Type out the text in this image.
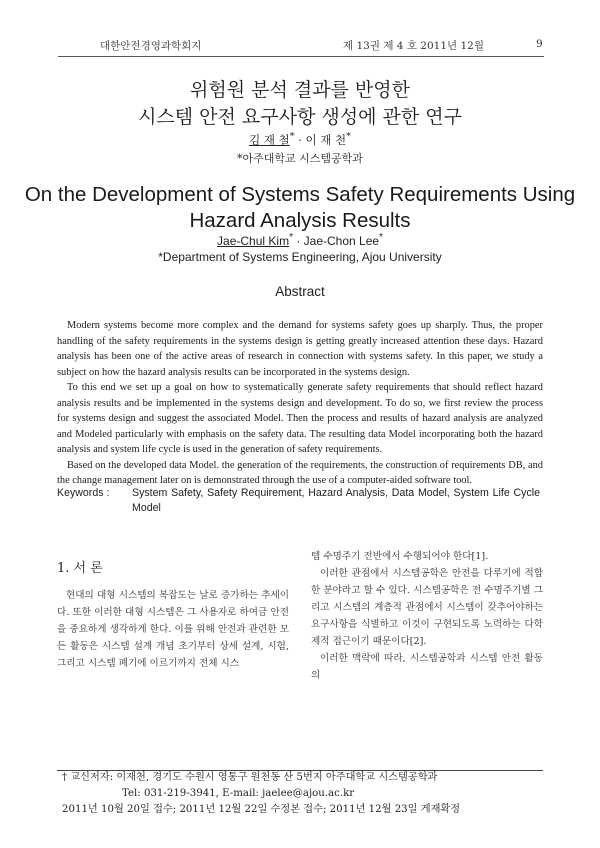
대한안전경영과학회지	제 13권 제 4 호 2011년 12월	9
위험원 분석 결과를 반영한
시스템 안전 요구사항 생성에 관한 연구
김 재 철* · 이 재 천*
*아주대학교 시스템공학과
On the Development of Systems Safety Requirements Using
Hazard Analysis Results
Jae-Chul Kim* · Jae-Chon Lee*
*Department of Systems Engineering, Ajou University
Abstract

Modern systems become more complex and the demand for systems safety goes up sharply. Thus, the proper handling of the safety requirements in the systems design is getting greatly increased attention these days. Hazard analysis has been one of the active areas of research in connection with systems safety. In this paper, we study a subject on how the hazard analysis results can be incorporated in the systems design.

To this end we set up a goal on how to systematically generate safety requirements that should reflect hazard analysis results and be implemented in the systems design and development. To do so, we first review the process for systems design and suggest the associated Model. Then the process and results of hazard analysis are analyzed and Modeled particularly with emphasis on the safety data. The resulting data Model incorporating both the hazard analysis and system life cycle is used in the generation of safety requirements.

Based on the developed data Model. the generation of the requirements, the construction of requirements DB, and the change management later on is demonstrated through the use of a computer-aided software tool.

Keywords : System Safety, Safety Requirement, Hazard Analysis, Data Model, System Life Cycle Model
1. 서 론

현대의 대형 시스템의 복잡도는 날로 증가하는 추세이다. 또한 이러한 대형 시스템은 그 사용자로 하여금 안전을 중요하게 생각하게 한다. 이를 위해 안전과 관련한 모든 활동은 시스템 설계 개념 초기부터 상세 설계, 시험, 그리고 시스템 폐기에 이르기까지 전체 시스

템 수명주기 전반에서 수행되어야 한다[1].

이러한 관점에서 시스템공학은 안전을 다루기에 적합한 분야라고 할 수 있다. 시스템공학은 전 수명주기별 그리고 시스템의 계층적 관점에서 시스템이 갖추어야하는 요구사항을 식별하고 이것이 구현되도록 노력하는 다학제적 접근이기 때문이다[2].

이러한 맥락에 따라, 시스템공학과 시스템 안전 활동의

† 교신저자: 이재천, 경기도 수원시 영통구 원천동 산 5번지 아주대학교 시스템공학과
Tel: 031-219-3941, E-mail: jaelee@ajou.ac.kr
2011년 10월 20일 접수; 2011년 12월 22일 수정본 접수; 2011년 12월 23일 게재확정
